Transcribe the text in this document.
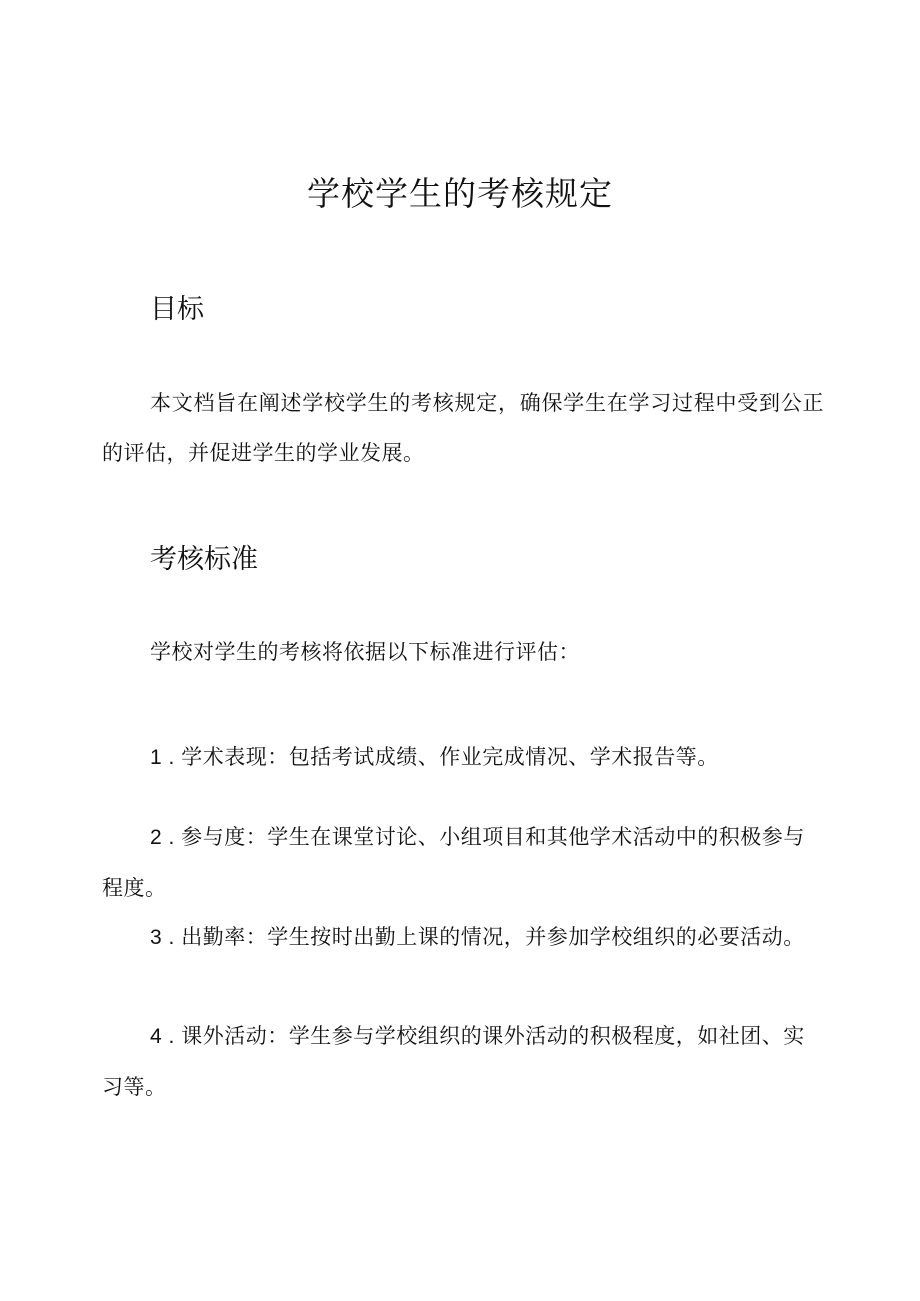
学校学生的考核规定
目标

本文档旨在阐述学校学生的考核规定，确保学生在学习过程中受到公正的评估，并促进学生的学业发展。

考核标准

学校对学生的考核将依据以下标准进行评估：

1 . 学术表现：包括考试成绩、作业完成情况、学术报告等。

2 . 参与度：学生在课堂讨论、小组项目和其他学术活动中的积极参与程度。

3 . 出勤率：学生按时出勤上课的情况，并参加学校组织的必要活动。

4 . 课外活动：学生参与学校组织的课外活动的积极程度，如社团、实习等。
